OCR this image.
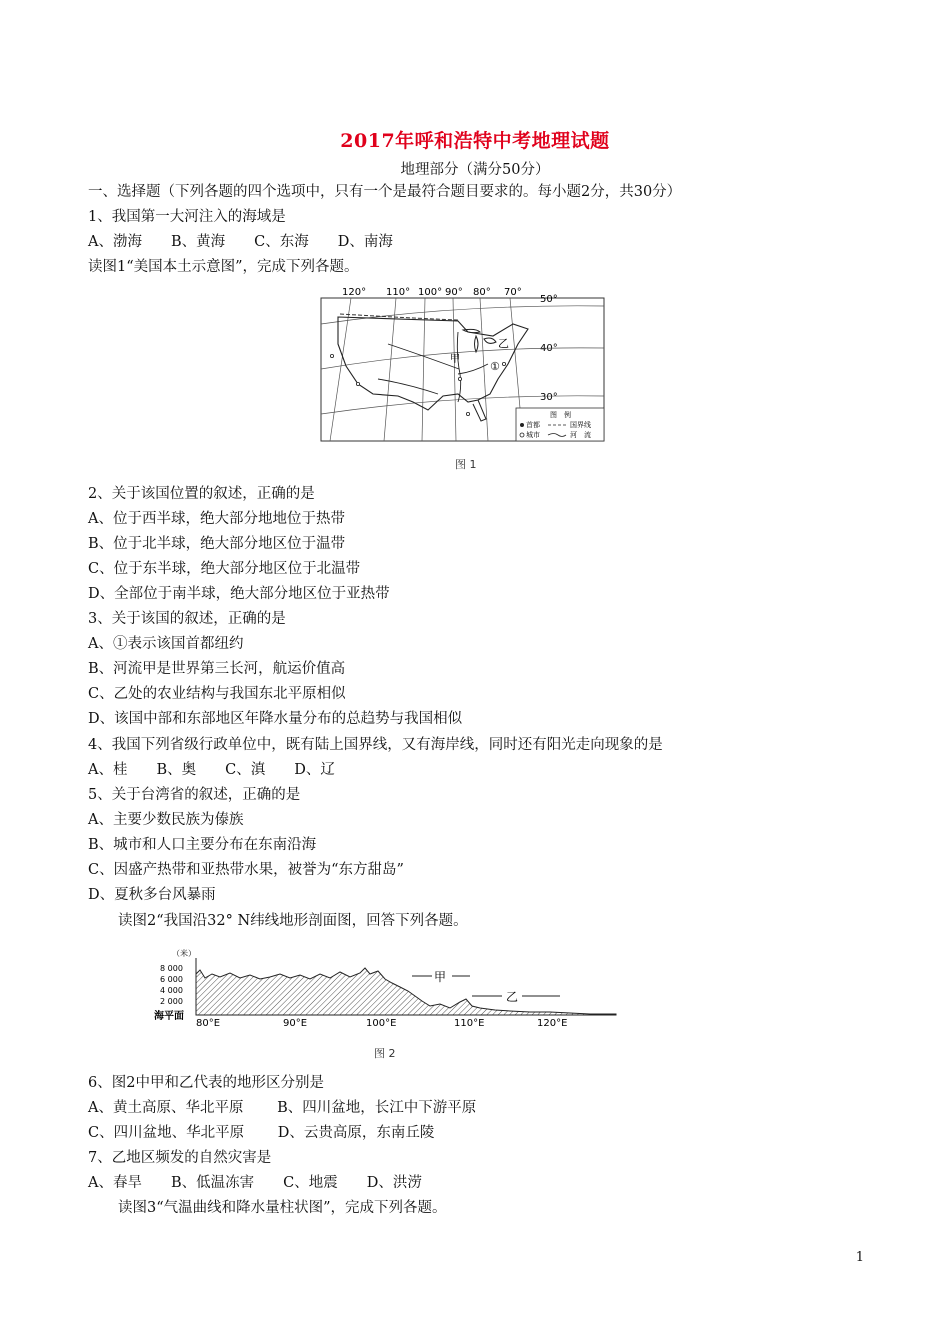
2017年呼和浩特中考地理试题
地理部分（满分50分）
一、选择题（下列各题的四个选项中，只有一个是最符合题目要求的。每小题2分，共30分）
1、我国第一大河注入的海域是
A、渤海　　B、黄海　　C、东海　　D、南海
读图1“美国本土示意图”，完成下列各题。
120° 110° 100° 90° 80° 70°
50°
40°
30°
甲
乙
①
图　例
首都
城市
国界线
河　流
图 1
2、关于该国位置的叙述，正确的是
A、位于西半球，绝大部分地地位于热带
B、位于北半球，绝大部分地区位于温带
C、位于东半球，绝大部分地区位于北温带
D、全部位于南半球，绝大部分地区位于亚热带
3、关于该国的叙述，正确的是
A、①表示该国首都纽约
B、河流甲是世界第三长河，航运价值高
C、乙处的农业结构与我国东北平原相似
D、该国中部和东部地区年降水量分布的总趋势与我国相似
4、我国下列省级行政单位中，既有陆上国界线，又有海岸线，同时还有阳光走向现象的是
A、桂　　B、奥　　C、滇　　D、辽
5、关于台湾省的叙述，正确的是
A、主要少数民族为傣族
B、城市和人口主要分布在东南沿海
C、因盛产热带和亚热带水果，被誉为“东方甜岛”
D、夏秋多台风暴雨
读图2“我国沿32° N纬线地形剖面图，回答下列各题。
（米）
8 000
6 000
4 000
2 000
海平面
甲
乙
80°E	90°E	100°E	110°E	120°E
图 2
6、图2中甲和乙代表的地形区分别是
A、黄土高原、华北平原　　 B、四川盆地，长江中下游平原
C、四川盆地、华北平原　　 D、云贵高原，东南丘陵
7、乙地区频发的自然灾害是
A、春旱　　B、低温冻害　　C、地震　　D、洪涝
读图3“气温曲线和降水量柱状图”，完成下列各题。
1
